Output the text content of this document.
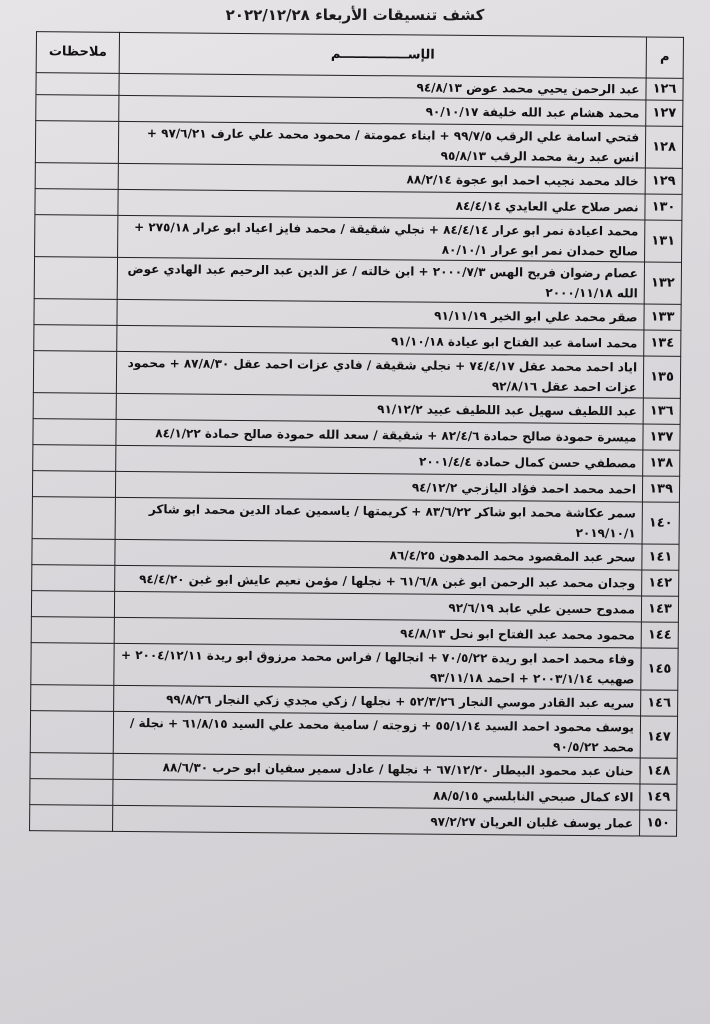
كشف تنسيقات الأربعاء ٢٠٢٢/١٢/٢٨
م	الإســـــــــــــــم	ملاحظات
١٢٦	عبد الرحمن يحيي محمد عوض ٩٤/٨/١٣	
١٢٧	محمد هشام عبد الله خليفة ٩٠/١٠/١٧	
١٢٨	فتحي اسامة علي الرقب ٩٩/٧/٥ + ابناء عمومتة / محمود محمد علي عارف ٩٧/٦/٢١ + انس عبد ربة محمد الرقب ٩٥/٨/١٣	
١٢٩	خالد محمد نجيب احمد ابو عجوة ٨٨/٢/١٤	
١٣٠	نصر صلاح علي العايدي ٨٤/٤/١٤	
١٣١	محمد اعيادة نمر ابو عرار ٨٤/٤/١٤ + نجلي شقيقة / محمد فايز اعياد ابو عرار ٢٧٥/١٨ + صالح حمدان نمر ابو عرار ٨٠/١٠/١	
١٣٢	عصام رضوان فريح الهس ٢٠٠٠/٧/٣ + ابن خالته / عز الدين عبد الرحيم عبد الهادي عوض الله ٢٠٠٠/١١/١٨	
١٣٣	صقر محمد علي ابو الخير ٩١/١١/١٩	
١٣٤	محمد اسامة عبد الفتاح ابو عيادة ٩١/١٠/١٨	
١٣٥	اياد احمد محمد عقل ٧٤/٤/١٧ + نجلي شقيقة / فادي عزات احمد عقل ٨٧/٨/٣٠ + محمود عزات احمد عقل ٩٢/٨/١٦	
١٣٦	عبد اللطيف سهيل عبد اللطيف عبيد ٩١/١٢/٢	
١٣٧	ميسرة حمودة صالح حمادة ٨٢/٤/٦ + شقيقة / سعد الله حمودة صالح حمادة ٨٤/١/٢٢	
١٣٨	مصطفي حسن كمال حمادة ٢٠٠١/٤/٤	
١٣٩	احمد محمد احمد فؤاد اليازجي ٩٤/١٢/٢	
١٤٠	سمر عكاشة محمد ابو شاكر ٨٣/٦/٢٢ + كريمتها / ياسمين عماد الدين محمد ابو شاكر ٢٠١٩/١٠/١	
١٤١	سحر عبد المقصود محمد المدهون ٨٦/٤/٢٥	
١٤٢	وجدان محمد عبد الرحمن ابو غبن ٦١/٦/٨ + نجلها / مؤمن نعيم عايش ابو غبن ٩٤/٤/٢٠	
١٤٣	ممدوح حسين علي عابد ٩٢/٦/١٩	
١٤٤	محمود محمد عبد الفتاح ابو نحل ٩٤/٨/١٣	
١٤٥	وفاء محمد احمد ابو ريدة ٧٠/٥/٢٢ + انجالها / فراس محمد مرزوق ابو ريدة ٢٠٠٤/١٢/١١ + صهيب ٢٠٠٣/١/١٤ + احمد ٩٣/١١/١٨	
١٤٦	سريه عبد القادر موسي النجار ٥٢/٣/٢٦ + نجلها / زكي مجدي زكي النجار ٩٩/٨/٢٦	
١٤٧	يوسف محمود احمد السيد ٥٥/١/١٤ + زوجته / سامية محمد علي السيد ٦١/٨/١٥ + نجلة / محمد ٩٠/٥/٢٢	
١٤٨	حنان عبد محمود البيطار ٦٧/١٢/٢٠ + نجلها / عادل سمير سفيان ابو حرب ٨٨/٦/٣٠	
١٤٩	الاء كمال صبحي النابلسي ٨٨/٥/١٥	
١٥٠	عمار يوسف غلبان العريان ٩٧/٢/٢٧	
